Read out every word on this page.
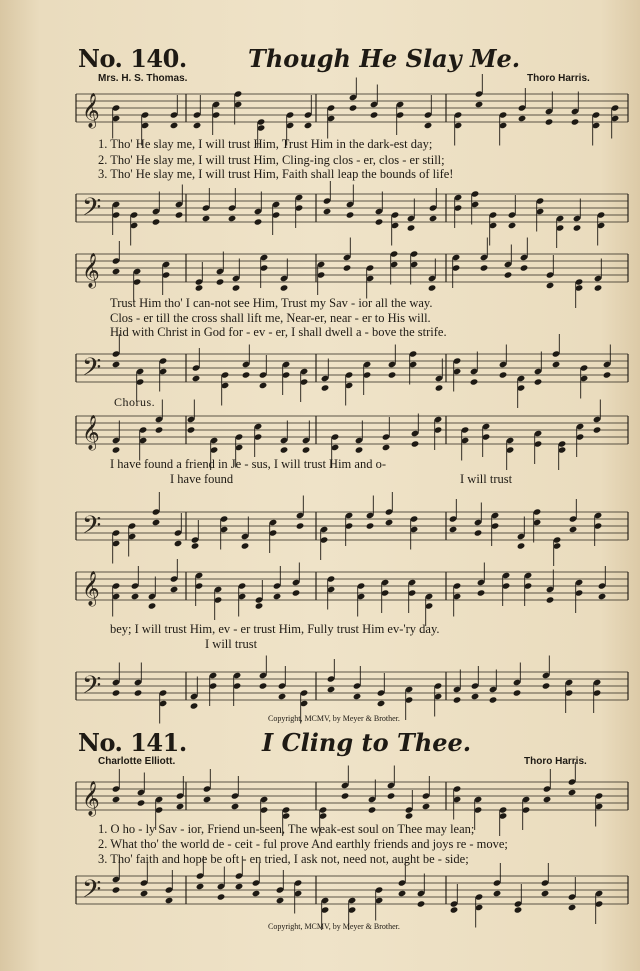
No. 140.	Though He Slay Me.
Mrs. H. S. Thomas.	Thoro Harris.
𝄞
1. Tho' He slay me, I will trust Him, Trust Him in the dark-est day;
2. Tho' He slay me, I will trust Him, Cling-ing clos - er, clos - er still;
3. Tho' He slay me, I will trust Him, Faith shall leap the bounds of life!
𝄢
𝄞
Trust Him tho' I can-not see Him, Trust my Sav - ior all the way.
Clos - er till the cross shall lift me, Near-er, near - er to His will.
Hid with Christ in God for - ev - er, I shall dwell a - bove the strife.
𝄢
Chorus.
𝄞
I have found a friend in Je - sus, I will trust Him and o-
I have found	I will trust
𝄢
𝄞
bey; I will trust Him, ev - er trust Him, Fully trust Him ev-'ry day.
I will trust
𝄢
Copyright, MCMV, by Meyer & Brother.
No. 141.	I Cling to Thee.
Charlotte Elliott.	Thoro Harris.
𝄞
1. O ho - ly Sav - ior, Friend un-seen, The weak-est soul on Thee may lean;
2. What tho' the world de - ceit - ful prove And earthly friends and joys re - move;
3. Tho' faith and hope be oft - en tried, I ask not, need not, aught be - side;
𝄢
Copyright, MCMV, by Meyer & Brother.
